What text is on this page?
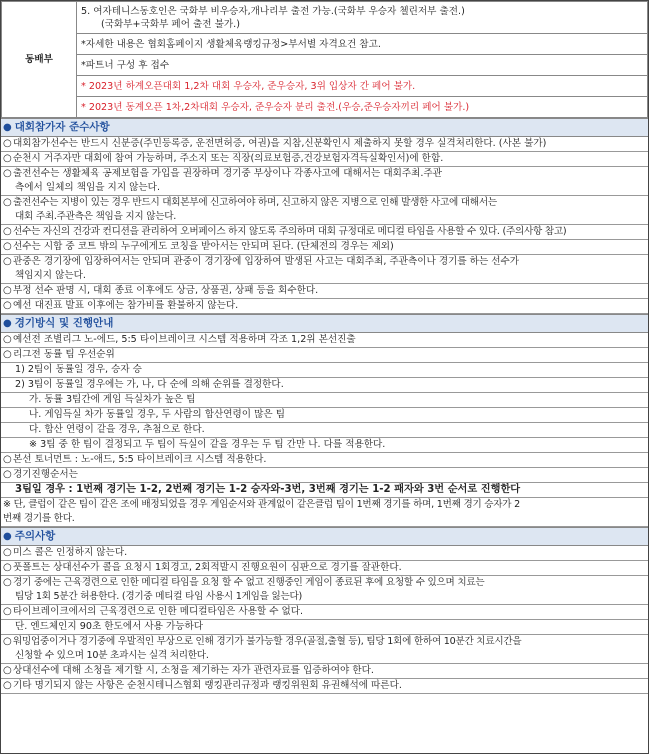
동배부	
5. 여자테니스동호인은 국화부 비우승자,개나리부 출전 가능.(국화부 우승자 첼린저부 출전.)
(국화부+국화부 페어 출전 불가.)

*자세한 내용은 협회홈페이지 생활체육랭킹규정>부서별 자격요건 참고.
*파트너 구성 후 접수
* 2023년 하계오픈대회 1,2차 대회 우승자, 준우승자, 3위 입상자 간 페어 불가.
* 2023년 동계오픈 1차,2차대회 우승자, 준우승자 분리 출전.(우승,준우승자끼리 페어 불가.)
● 대회참가자 준수사항
○대회참가선수는 반드시 신분증(주민등록증, 운전면허증, 여권)을 지참,신분확인시 제출하지 못할 경우 실격처리한다. (사본 불가)
○순천시 거주자만 대회에 참여 가능하며, 주소지 또는 직장(의료보험증,건강보험자격득실확인서)에 한함.
○출전선수는 생활체육 공제보험을 가입을 권장하며 경기중 부상이나 각종사고에 대해서는 대회주최.주관
측에서 일체의 책임을 지지 않는다.
○ 출전선수는 지병이 있는 경우 반드시 대회본부에 신고하여야 하며, 신고하지 않은 지병으로 인해 발생한 사고에 대해서는
대회 주최.주관측은 책임을 지지 않는다.
○ 선수는 자신의 건강과 컨디션을 관리하여 오버페이스 하지 않도록 주의하며 대회 규정대로 메디컬 타임을 사용할 수 있다. (주의사항 참고)
○선수는 시합 중 코트 밖의 누구에게도 코칭을 받아서는 안되며 된다. (단체전의 경우는 제외)
○관중은 경기장에 입장하여서는 안되며 관중이 경기장에 입장하여 발생된 사고는 대회주최, 주관측이나 경기를 하는 선수가
책임지지 않는다.
○부정 선수 판명 시, 대회 종료 이후에도 상금, 상품권, 상패 등을 회수한다.
○예선 대진표 발표 이후에는 참가비를 환불하지 않는다.
● 경기방식 및 진행안내
○예선전 조별리그 노-에드, 5:5 타이브레이크 시스템 적용하며 각조 1,2위 본선진출
○리그전 동률 팀 우선순위
1) 2팀이 동률일 경우, 승자 승
2) 3팀이 동률일 경우에는 가, 나, 다 순에 의해 순위를 결정한다.
가. 동률 3팀간에 게임 득실차가 높은 팀
나. 게임득실 차가 동률일 경우, 두 사람의 합산연령이 많은 팀
다. 합산 연령이 같을 경우, 추첨으로 한다.
※ 3팀 중 한 팀이 결정되고 두 팀이 득실이 같을 경우는 두 팀 간만 나. 다를 적용한다.
○본선 토너먼트 : 노-애드, 5:5 타이브레이크 시스템 적용한다.
○경기진행순서는
3팀일 경우 : 1번째 경기는 1-2, 2번째 경기는 1-2 승자와-3번, 3번째 경기는 1-2 패자와 3번 순서로 진행한다
※ 단, 클럽이 같은 팀이 같은 조에 배정되었을 경우 게임순서와 관계없이 같은클럽 팀이 1번째 경기를 하며, 1번째 경기 승자가 2
번째 경기를 한다.
● 주의사항
○미스 콜은 인정하지 않는다.
○풋폴트는 상대선수가 콜을 요청시 1회경고, 2회적발시 진행요원이 심판으로 경기를 잘관한다.
○ 경기 중에는 근육경련으로 인한 메디컬 타임을 요청 할 수 없고 진행중인 게임이 종료된 후에 요청할 수 있으며 치료는
팀당 1회 5분간 허용한다. (경기중 메티컬 타임 사용시 1게임을 잃는다)
○타이브레이크에서의 근육경련으로 인한 메디컬타임은 사용할 수 없다.
단. 엔드체인지 90초 한도에서 사용 가능하다
○ 워밍업중이거나 경기중에 우발적인 부상으로 인해 경기가 불가능할 경우(골절,출혈 등), 팀당 1회에 한하여 10분간 치료시간을
신청할 수 있으며 10분 초과시는 실격 처리한다.
○상대선수에 대해 소청을 제기할 시, 소청을 제기하는 자가 관련자료를 입증하여야 한다.
○기타 명기되지 않는 사항은 순천시테니스협회 랭킹관리규정과 랭킹위원회 유권해석에 따른다.
